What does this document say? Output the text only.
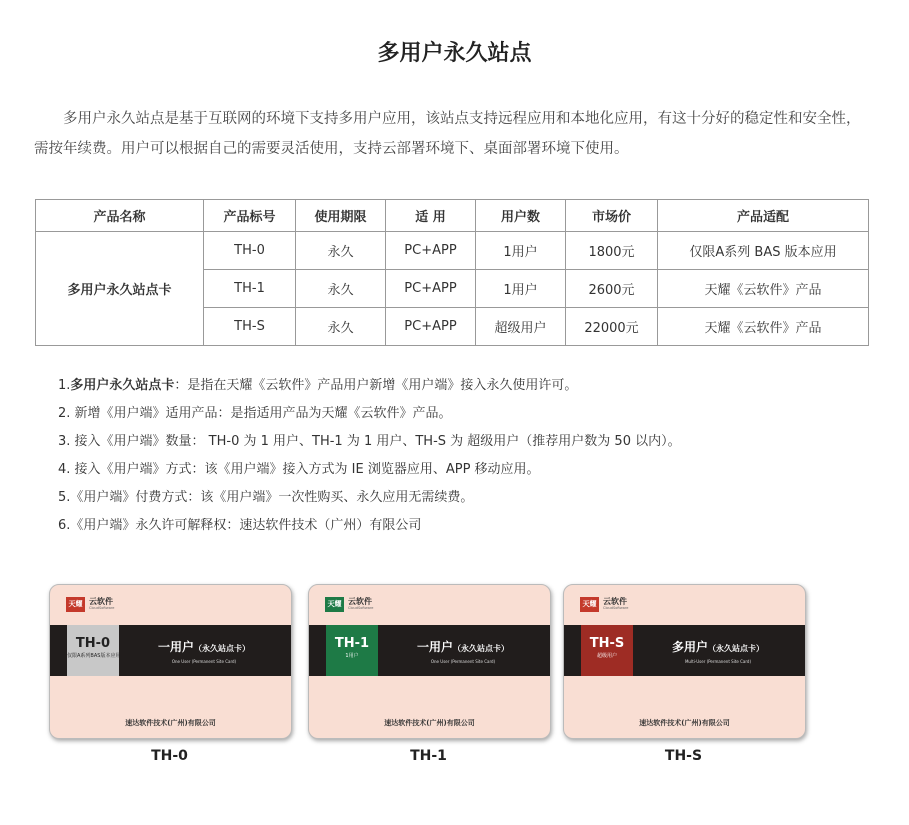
多用户永久站点

多用户永久站点是基于互联网的环境下支持多用户应用，该站点支持远程应用和本地化应用，有这十分好的稳定性和安全性，需按年续费。用户可以根据自己的需要灵活使用，支持云部署环境下、桌面部署环境下使用。

产品名称	产品标号	使用期限	适 用	用户数	市场价	产品适配
多用户永久站点卡	TH-0	永久	PC+APP	1用户	1800元	仅限A系列 BAS 版本应用
	TH-1	永久	PC+APP	1用户	2600元	天耀《云软件》产品
	TH-S	永久	PC+APP	超级用户	22000元	天耀《云软件》产品
1.多用户永久站点卡：是指在天耀《云软件》产品用户新增《用户端》接入永久使用许可。
2. 新增《用户端》适用产品：是指适用产品为天耀《云软件》产品。
3. 接入《用户端》数量： TH-0 为 1 用户、TH-1 为 1 用户、TH-S 为 超级用户（推荐用户数为 50 以内）。
4. 接入《用户端》方式：该《用户端》接入方式为 IE 浏览器应用、APP 移动应用。
5.《用户端》付费方式：该《用户端》一次性购买、永久应用无需续费。
6.《用户端》永久许可解释权：速达软件技术（广州）有限公司
天耀 云软件
CloudSoftware
TH-0
仅限A系列BAS版本应用
一用户（永久站点卡）
One User (Permanent Site Card)
速达软件技术(广州)有限公司

TH-0

天耀 云软件
CloudSoftware
TH-1
1用户
一用户（永久站点卡）
One User (Permanent Site Card)
速达软件技术(广州)有限公司

TH-1

天耀 云软件
CloudSoftware
TH-S
超级用户
多用户（永久站点卡）
Multi-User (Permanent Site Card)
速达软件技术(广州)有限公司

TH-S
